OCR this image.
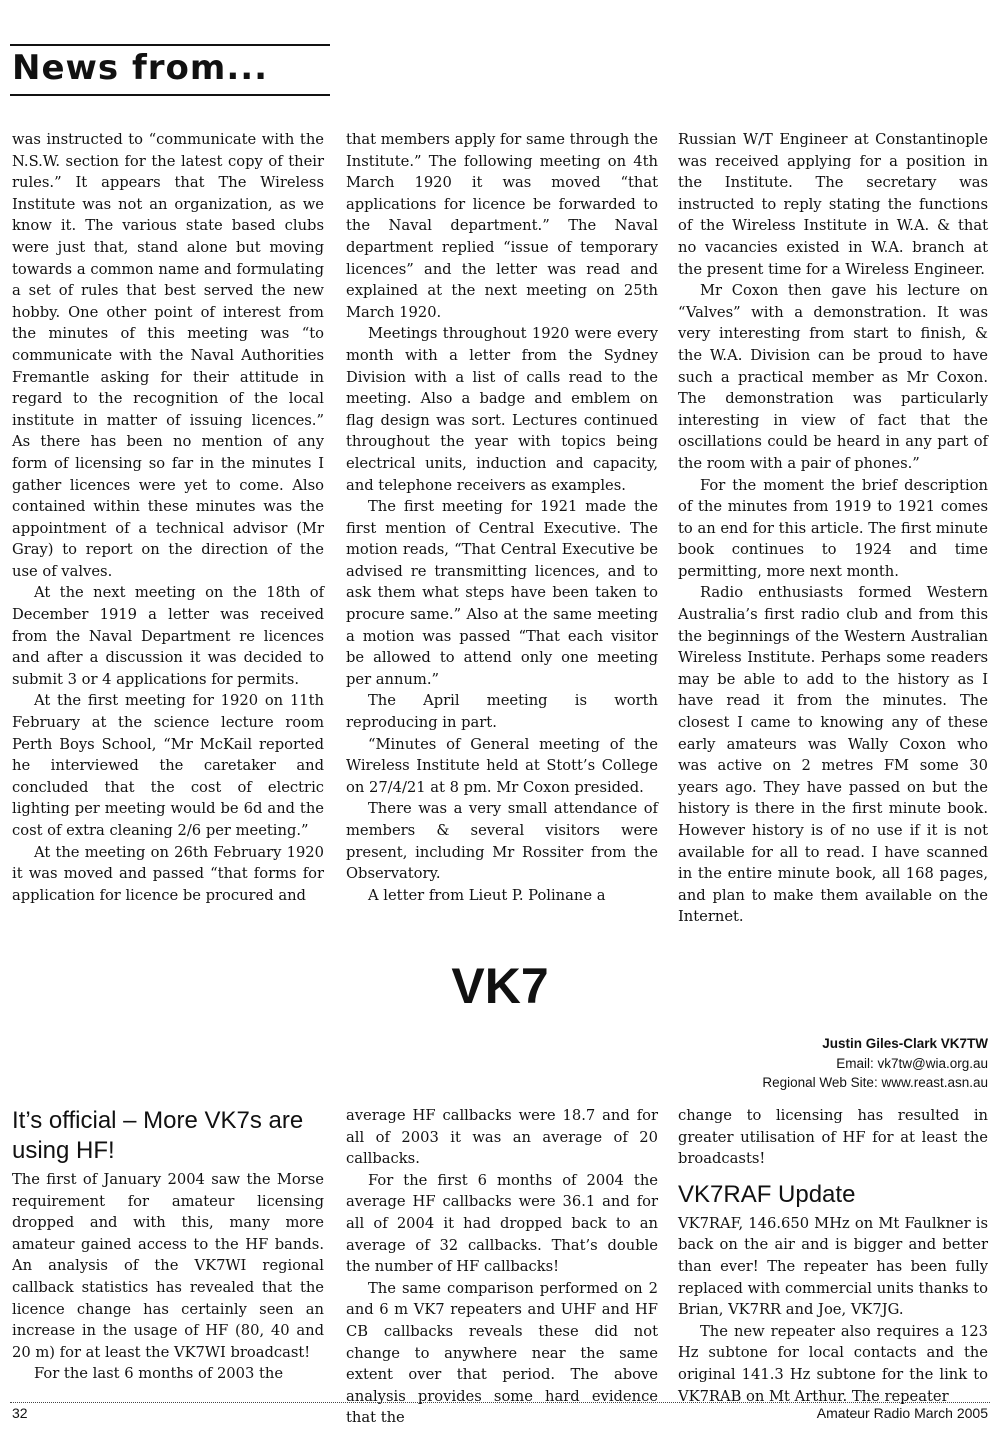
News from...

was instructed to “communicate with the N.S.W. section for the latest copy of their rules.” It appears that The Wireless Institute was not an organization, as we know it. The various state based clubs were just that, stand alone but moving towards a common name and formulating a set of rules that best served the new hobby. One other point of interest from the minutes of this meeting was “to communicate with the Naval Authorities Fremantle asking for their attitude in regard to the recognition of the local institute in matter of issuing licences.” As there has been no mention of any form of licensing so far in the minutes I gather licences were yet to come. Also contained within these minutes was the appointment of a technical advisor (Mr Gray) to report on the direction of the use of valves.

At the next meeting on the 18th of December 1919 a letter was received from the Naval Department re licences and after a discussion it was decided to submit 3 or 4 applications for permits.

At the first meeting for 1920 on 11th February at the science lecture room Perth Boys School, “Mr McKail reported he interviewed the caretaker and concluded that the cost of electric lighting per meeting would be 6d and the cost of extra cleaning 2/6 per meeting.”

At the meeting on 26th February 1920 it was moved and passed “that forms for application for licence be procured and

that members apply for same through the Institute.” The following meeting on 4th March 1920 it was moved “that applications for licence be forwarded to the Naval department.” The Naval department replied “issue of temporary licences” and the letter was read and explained at the next meeting on 25th March 1920.

Meetings throughout 1920 were every month with a letter from the Sydney Division with a list of calls read to the meeting. Also a badge and emblem on flag design was sort. Lectures continued throughout the year with topics being electrical units, induction and capacity, and telephone receivers as examples.

The first meeting for 1921 made the first mention of Central Executive. The motion reads, “That Central Executive be advised re transmitting licences, and to ask them what steps have been taken to procure same.” Also at the same meeting a motion was passed “That each visitor be allowed to attend only one meeting per annum.”

The April meeting is worth reproducing in part.

“Minutes of General meeting of the Wireless Institute held at Stott’s College on 27/4/21 at 8 pm. Mr Coxon presided.

There was a very small attendance of members & several visitors were present, including Mr Rossiter from the Observatory.

A letter from Lieut P. Polinane a

Russian W/T Engineer at Constantinople was received applying for a position in the Institute. The secretary was instructed to reply stating the functions of the Wireless Institute in W.A. & that no vacancies existed in W.A. branch at the present time for a Wireless Engineer.

Mr Coxon then gave his lecture on “Valves” with a demonstration. It was very interesting from start to finish, & the W.A. Division can be proud to have such a practical member as Mr Coxon. The demonstration was particularly interesting in view of fact that the oscillations could be heard in any part of the room with a pair of phones.”

For the moment the brief description of the minutes from 1919 to 1921 comes to an end for this article. The first minute book continues to 1924 and time permitting, more next month.

Radio enthusiasts formed Western Australia’s first radio club and from this the beginnings of the Western Australian Wireless Institute. Perhaps some readers may be able to add to the history as I have read it from the minutes. The closest I came to knowing any of these early amateurs was Wally Coxon who was active on 2 metres FM some 30 years ago. They have passed on but the history is there in the first minute book. However history is of no use if it is not available for all to read. I have scanned in the entire minute book, all 168 pages, and plan to make them available on the Internet.

VK7
Justin Giles-Clark VK7TW
Email: vk7tw@wia.org.au
Regional Web Site: www.reast.asn.au
It’s official – More VK7s are using HF!

The first of January 2004 saw the Morse requirement for amateur licensing dropped and with this, many more amateur gained access to the HF bands. An analysis of the VK7WI regional callback statistics has revealed that the licence change has certainly seen an increase in the usage of HF (80, 40 and 20 m) for at least the VK7WI broadcast!

For the last 6 months of 2003 the

average HF callbacks were 18.7 and for all of 2003 it was an average of 20 callbacks.

For the first 6 months of 2004 the average HF callbacks were 36.1 and for all of 2004 it had dropped back to an average of 32 callbacks. That’s double the number of HF callbacks!

The same comparison performed on 2 and 6 m VK7 repeaters and UHF and HF CB callbacks reveals these did not change to anywhere near the same extent over that period. The above analysis provides some hard evidence that the

change to licensing has resulted in greater utilisation of HF for at least the broadcasts!

VK7RAF Update

VK7RAF, 146.650 MHz on Mt Faulkner is back on the air and is bigger and better than ever! The repeater has been fully replaced with commercial units thanks to Brian, VK7RR and Joe, VK7JG.

The new repeater also requires a 123 Hz subtone for local contacts and the original 141.3 Hz subtone for the link to VK7RAB on Mt Arthur. The repeater

32	Amateur Radio March 2005
